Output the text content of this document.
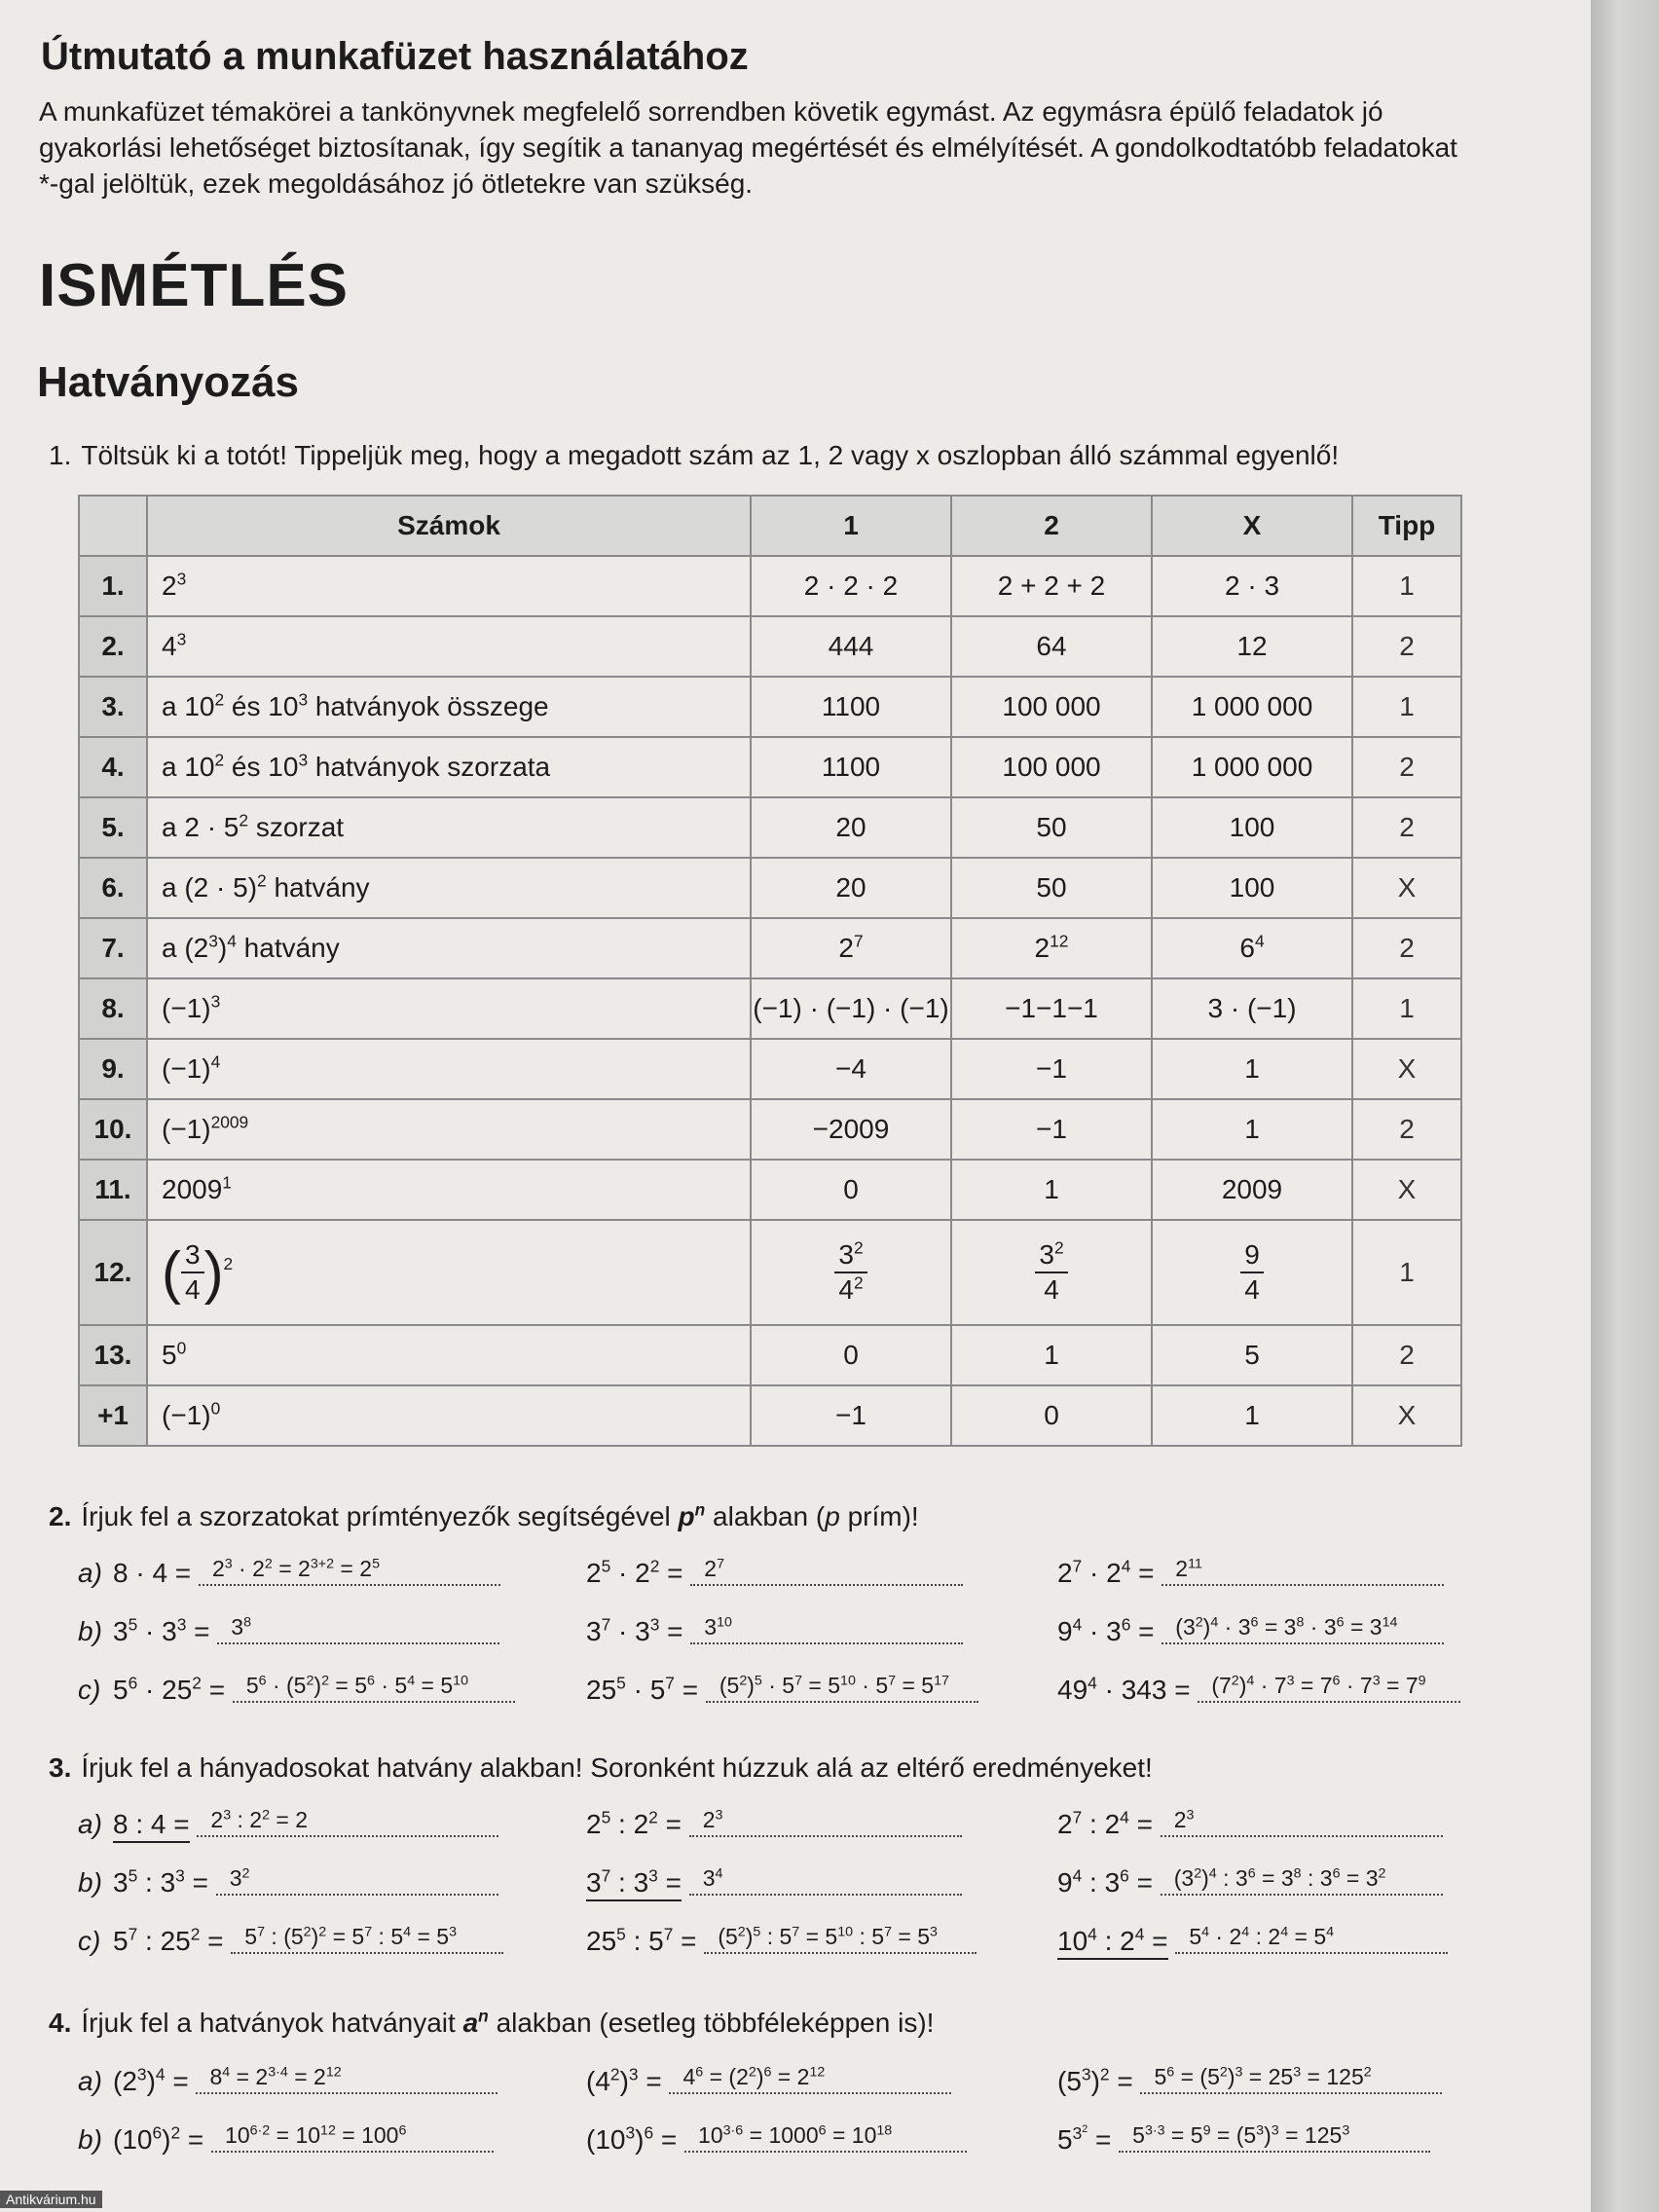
Útmutató a munkafüzet használatához
A munkafüzet témakörei a tankönyvnek megfelelő sorrendben követik egymást. Az egymásra épülő feladatok jó gyakorlási lehetőséget biztosítanak, így segítik a tananyag megértését és elmélyítését. A gondolkodtatóbb feladatokat *-gal jelöltük, ezek megoldásához jó ötletekre van szükség.
ISMÉTLÉS
Hatványozás
1. Töltsük ki a totót! Tippeljük meg, hogy a megadott szám az 1, 2 vagy x oszlopban álló számmal egyenlő!
	Számok	1	2	X	Tipp
1.	$2^3$	2 · 2 · 2	2 + 2 + 2	2 · 3	1
2.	$4^3$	444	64	12	2
3.	a $10^2$ és $10^3$ hatványok összege	1100	100 000	1 000 000	1
4.	a $10^2$ és $10^3$ hatványok szorzata	1100	100 000	1 000 000	2
5.	a $2 \cdot 5^2$ szorzat	20	50	100	2
6.	a $(2 \cdot 5)^2$ hatvány	20	50	100	X
7.	a $(2^3)^4$ hatvány	$2^7$	$2^{12}$	$6^4$	2
8.	$(-1)^3$	(−1) · (−1) · (−1)	−1−1−1	3 · (−1)	1
9.	$(-1)^4$	−4	−1	1	X
10.	$(-1)^{2009}$	−2009	−1	1	2
11.	2009$^1$	0	1	2009	X
12.	( $\frac{3}{4} )^2$	$\frac{3^2}{4^2}$	$\frac{3^2}{4}$	$\frac{9}{4}$	1
13.	$5^0$	0	1	5	2
+1	$(-1)^0$	−1	0	1	X
2. Írjuk fel a szorzatokat prímtényezők segítségével $p^n$ alakban (p prím)!
a) $8 \cdot 4 = 2^3 \cdot 2^2 = 2^{3+2} = 2^5$	$2^5 \cdot 2^2 = 2^7$	$2^7 \cdot 2^4 = 2^{11}$
b) $3^5 \cdot 3^3 = 3^8$	$3^7 \cdot 3^3 = 3^{10}$	$9^4 \cdot 3^6 = (3^2)^4 \cdot 3^6 = 3^8 \cdot 3^6 = 3^{14}$
c) $5^6 \cdot 25^2 = 5^6 \cdot (5^2)^2 = 5^6 \cdot 5^4 = 5^{10}$	$25^5 \cdot 5^7 = (5^2)^5 \cdot 5^7 = 5^{10} \cdot 5^7 = 5^{17}$	$49^4 \cdot 343 = (7^2)^4 \cdot 7^3 = 7^6 \cdot 7^3 = 7^9$
3. Írjuk fel a hányadosokat hatvány alakban! Soronként húzzuk alá az eltérő eredményeket!
a) 8 : $4 = 2^3$ : $2^2 = 2$	$2^5$ : $2^2 = 2^3$	$2^7$ : $2^4 = 2^3$
b) $3^5$ : $3^3 = 3^2$	$3^7$ : $3^3 = 3^4$	$9^4$ : $3^6 = (3^2)^4$ : $3^6 = 3^8$ : $3^6 = 3^2$
c) $5^7$ : $25^2 = 5^7$ : $(5^2)^2 = 5^7$ : $5^4 = 5^3$	$25^5$ : $5^7 = (5^2)^5$ : $5^7 = 5^{10}$ : $5^7 = 5^3$	$10^4$ : $2^4 = 5^4 \cdot 2^4$ : $2^4 = 5^4$
4. Írjuk fel a hatványok hatványait $a^n$ alakban (esetleg többféleképpen is)!
a) $(2^3)^4 = 8^4 = 2^{3\cdot 4} = 2^{12}$	$(4^2)^3 = 4^6 = (2^2)^6 = 2^{12}$	$(5^3)^2 = 5^6 = (5^2)^3 = 25^3 = 125^2$
b) $(10^6)^2 = 10^{6\cdot 2} = 10^{12} = 100^6$	$(10^3)^6 = 10^{3\cdot 6} = 1000^6 = 10^{18}$	$5^{3^2} = 5^{3\cdot 3} = 5^9 = (5^3)^3 = 125^3$
Antikvárium.hu
